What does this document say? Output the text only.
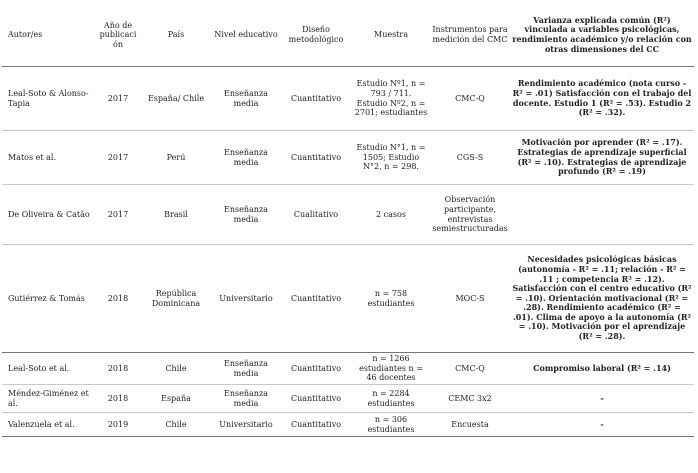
Autor/es	Año de publicación	País	Nivel educativo	Diseño metodológico	Muestra	Instrumentos para medición del CMC	Varianza explicada común (R²) vinculada a variables psicológicas, rendimiento académico y/o relación con otras dimensiones del CC
Leal-Soto & Alonso-Tapia	2017	España/ Chile	Enseñanza media	Cuantitativo	Estudio Nº1, n = 793 / 711. Estudio Nº2, n = 2701; estudiantes	CMC-Q	Rendimiento académico (nota curso - R² = .01) Satisfacción con el trabajo del docente. Estudio 1 (R² = .53). Estudio 2 (R² = .32).
Matos et al.	2017	Perú	Enseñanza media	Cuantitativo	Estudio N°1, n = 1505; Estudio N°2, n = 298.	CGS-S	Motivación por aprender (R² = .17). Estrategias de aprendizaje superficial (R² = .10). Estrategias de aprendizaje profundo (R² = .19)
De Oliveira & Catão	2017	Brasil	Enseñanza media	Cualitativo	2 casos	Observación participante, entrevistas semiestructuradas	
Gutiérrez & Tomás	2018	República Dominicana	Universitario	Cuantitativo	n = 758 estudiantes	MOC-S	Necesidades psicológicas básicas (autonomía - R² = .11; relación - R² = .11 ; competencia R² = .12). Satisfacción con el centro educativo (R² = .10). Orientación motivacional (R² = .28). Rendimiento académico (R² = .01). Clima de apoyo a la autonomía (R² = .10). Motivación por el aprendizaje (R² = .28).
Leal-Soto et al.	2018	Chile	Enseñanza media	Cuantitativo	n = 1266 estudiantes n = 46 docentes	CMC-Q	Compromiso laboral (R² = .14)
Méndez-Giménez et al.	2018	España	Enseñanza media	Cuantitativo	n = 2284 estudiantes	CEMC 3x2	-
Valenzuela et al.	2019	Chile	Universitario	Cuantitativo	n = 306 estudiantes	Encuesta	-
